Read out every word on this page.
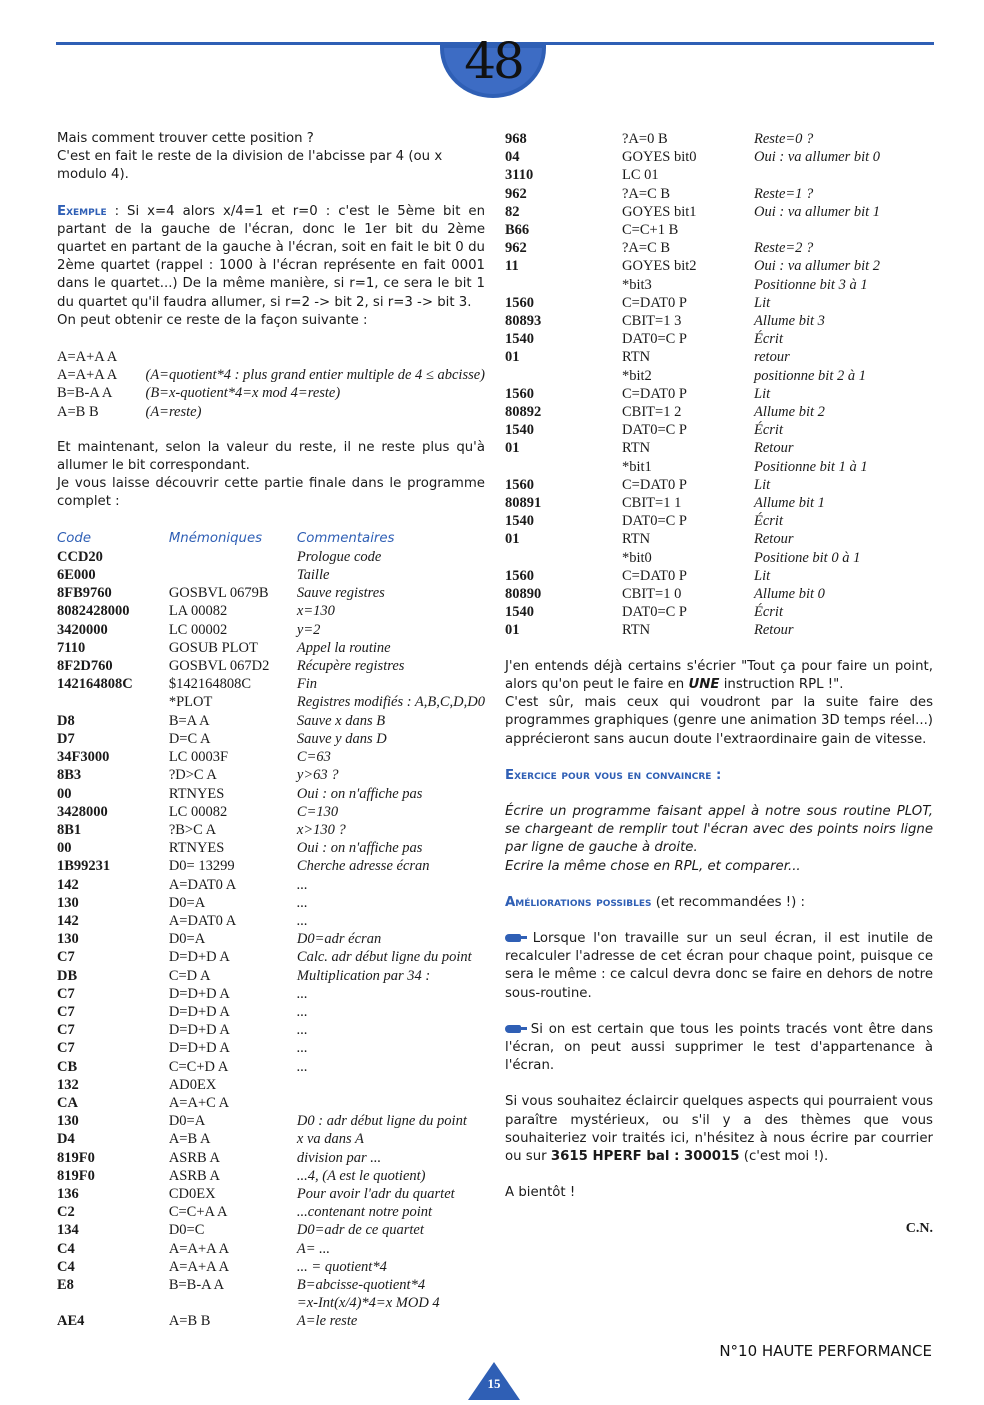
48

Mais comment trouver cette position ?

C'est en fait le reste de la division de l'abcisse par 4 (ou x modulo 4).

Exemple : Si x=4 alors x/4=1 et r=0 : c'est le 5ème bit en partant de la gauche de l'écran, donc le 1er bit du 2ème quartet en partant de la gauche à l'écran, soit en fait le bit 0 du 2ème quartet (rappel : 1000 à l'écran représente en fait 0001 dans le quartet...) De la même manière, si r=1, ce sera le bit 1 du quartet qu'il faudra allumer, si r=2 -> bit 2, si r=3 -> bit 3.

On peut obtenir ce reste de la façon suivante :

A=A+A A	
A=A+A A	(A=quotient*4 : plus grand entier multiple de 4 ≤ abcisse)
B=B-A A	(B=x-quotient*4=x mod 4=reste)
A=B B	(A=reste)

Et maintenant, selon la valeur du reste, il ne reste plus qu'à allumer le bit correspondant.

Je vous laisse découvrir cette partie finale dans le programme complet :

Code	Mnémoniques	Commentaires
CCD20		Prologue code
6E000		Taille
8FB9760	GOSBVL 0679B	Sauve registres
8082428000	LA 00082	x=130
3420000	LC 00002	y=2
7110	GOSUB PLOT	Appel la routine
8F2D760	GOSBVL 067D2	Récupère registres
142164808C	$142164808C	Fin
	*PLOT	Registres modifiés : A,B,C,D,D0
D8	B=A A	Sauve x dans B
D7	D=C A	Sauve y dans D
34F3000	LC 0003F	C=63
8B3	?D>C A	y>63 ?
00	RTNYES	Oui : on n'affiche pas
3428000	LC 00082	C=130
8B1	?B>C A	x>130 ?
00	RTNYES	Oui : on n'affiche pas
1B99231	D0= 13299	Cherche adresse écran
142	A=DAT0 A	...
130	D0=A	...
142	A=DAT0 A	...
130	D0=A	D0=adr écran
C7	D=D+D A	Calc. adr début ligne du point
DB	C=D A	Multiplication par 34 :
C7	D=D+D A	...
C7	D=D+D A	...
C7	D=D+D A	...
C7	D=D+D A	...
CB	C=C+D A	...
132	AD0EX	
CA	A=A+C A	
130	D0=A	D0 : adr début ligne du point
D4	A=B A	x va dans A
819F0	ASRB A	division par ...
819F0	ASRB A	...4, (A est le quotient)
136	CD0EX	Pour avoir l'adr du quartet
C2	C=C+A A	...contenant notre point
134	D0=C	D0=adr de ce quartet
C4	A=A+A A	A= ...
C4	A=A+A A	... = quotient*4
E8	B=B-A A	B=abcisse-quotient*4
		=x-Int(x/4)*4=x MOD 4
AE4	A=B B	A=le reste
968	?A=0 B	Reste=0 ?
04	GOYES bit0	Oui : va allumer bit 0
3110	LC 01	
962	?A=C B	Reste=1 ?
82	GOYES bit1	Oui : va allumer bit 1
B66	C=C+1 B	
962	?A=C B	Reste=2 ?
11	GOYES bit2	Oui : va allumer bit 2
	*bit3	Positionne bit 3 à 1
1560	C=DAT0 P	Lit
80893	CBIT=1 3	Allume bit 3
1540	DAT0=C P	Écrit
01	RTN	retour
	*bit2	positionne bit 2 à 1
1560	C=DAT0 P	Lit
80892	CBIT=1 2	Allume bit 2
1540	DAT0=C P	Écrit
01	RTN	Retour
	*bit1	Positionne bit 1 à 1
1560	C=DAT0 P	Lit
80891	CBIT=1 1	Allume bit 1
1540	DAT0=C P	Écrit
01	RTN	Retour
	*bit0	Positione bit 0 à 1
1560	C=DAT0 P	Lit
80890	CBIT=1 0	Allume bit 0
1540	DAT0=C P	Écrit
01	RTN	Retour

J'en entends déjà certains s'écrier "Tout ça pour faire un point, alors qu'on peut le faire en UNE instruction RPL !".

C'est sûr, mais ceux qui voudront par la suite faire des programmes graphiques (genre une animation 3D temps réel...) apprécieront sans aucun doute l'extraordinaire gain de vitesse.

Exercice pour vous en convaincre :

Écrire un programme faisant appel à notre sous routine PLOT, se chargeant de remplir tout l'écran avec des points noirs ligne par ligne de gauche à droite.

Ecrire la même chose en RPL, et comparer...

Améliorations possibles (et recommandées !) :

Lorsque l'on travaille sur un seul écran, il est inutile de recalculer l'adresse de cet écran pour chaque point, puisque ce sera le même : ce calcul devra donc se faire en dehors de notre sous-routine.

Si on est certain que tous les points tracés vont être dans l'écran, on peut aussi supprimer le test d'appartenance à l'écran.

Si vous souhaitez éclaircir quelques aspects qui pourraient vous paraître mystérieux, ou s'il y a des thèmes que vous souhaiteriez voir traités ici, n'hésitez à nous écrire par courrier ou sur 3615 HPERF bal : 300015 (c'est moi !).

A bientôt !

C.N.

N°10 HAUTE PERFORMANCE
15
